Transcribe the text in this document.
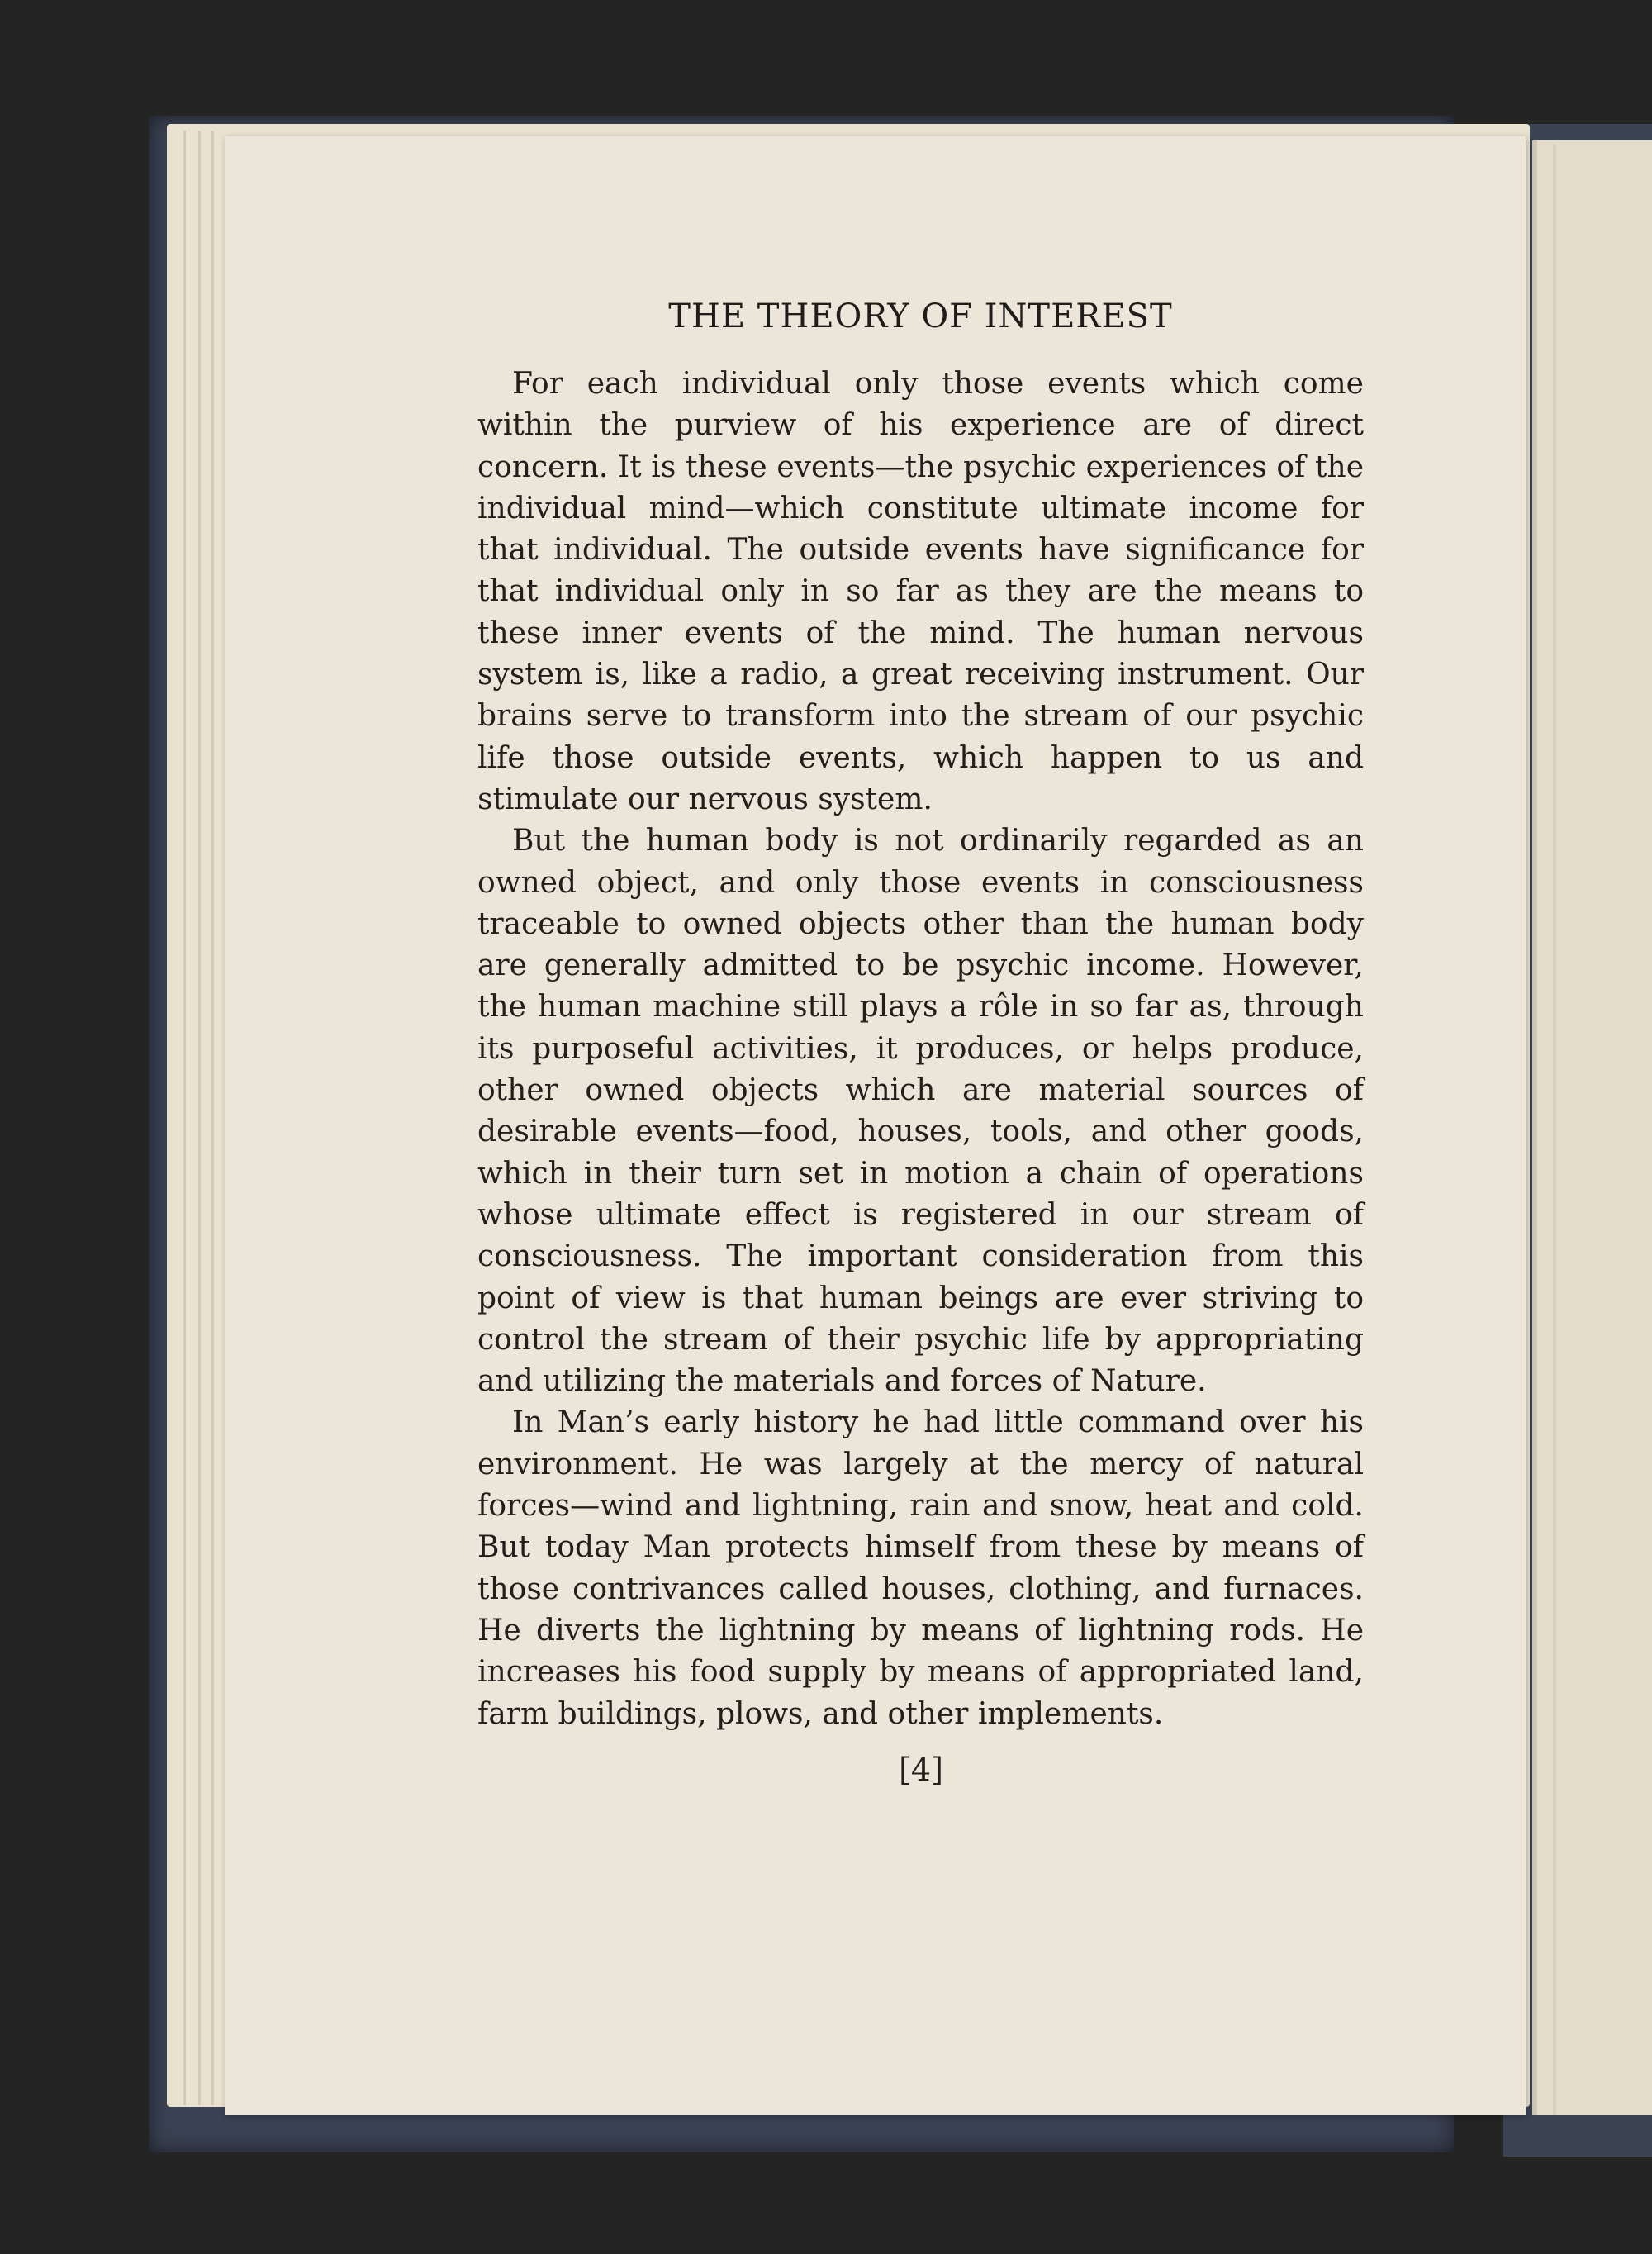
THE THEORY OF INTEREST

For each individual only those events which come within the purview of his experience are of direct concern. It is these events—the psychic experiences of the individual mind—which constitute ultimate income for that individual. The outside events have significance for that individual only in so far as they are the means to these inner events of the mind. The human nervous system is, like a radio, a great receiving instrument. Our brains serve to transform into the stream of our psychic life those outside events, which happen to us and stimulate our nervous system.

But the human body is not ordinarily regarded as an owned object, and only those events in consciousness traceable to owned objects other than the human body are generally admitted to be psychic income. However, the human machine still plays a rôle in so far as, through its purposeful activities, it produces, or helps produce, other owned objects which are material sources of desirable events—food, houses, tools, and other goods, which in their turn set in motion a chain of operations whose ultimate effect is registered in our stream of consciousness. The important consideration from this point of view is that human beings are ever striving to control the stream of their psychic life by appropriating and utilizing the materials and forces of Nature.

In Man’s early history he had little command over his environment. He was largely at the mercy of natural forces—wind and lightning, rain and snow, heat and cold. But today Man protects himself from these by means of those contrivances called houses, clothing, and furnaces. He diverts the lightning by means of lightning rods. He increases his food supply by means of appropriated land, farm buildings, plows, and other implements.

[4]
